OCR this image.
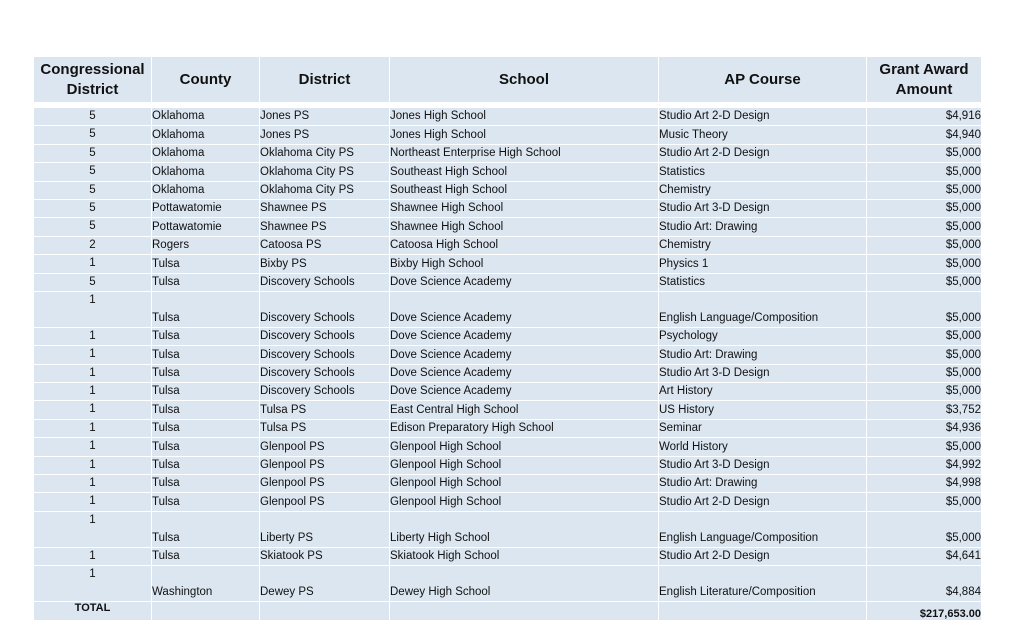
Congressional
District	County	District	School	AP Course	Grant Award
Amount

5	Oklahoma	Jones PS	Jones High School	Studio Art 2-D Design	$4,916
5	Oklahoma	Jones PS	Jones High School	Music Theory	$4,940
5	Oklahoma	Oklahoma City PS	Northeast Enterprise High School	Studio Art 2-D Design	$5,000
5	Oklahoma	Oklahoma City PS	Southeast High School	Statistics	$5,000
5	Oklahoma	Oklahoma City PS	Southeast High School	Chemistry	$5,000
5	Pottawatomie	Shawnee PS	Shawnee High School	Studio Art 3-D Design	$5,000
5	Pottawatomie	Shawnee PS	Shawnee High School	Studio Art: Drawing	$5,000
2	Rogers	Catoosa PS	Catoosa High School	Chemistry	$5,000
1	Tulsa	Bixby PS	Bixby High School	Physics 1	$5,000
5	Tulsa	Discovery Schools	Dove Science Academy	Statistics	$5,000
1	Tulsa	Discovery Schools	Dove Science Academy	English Language/Composition	$5,000
1	Tulsa	Discovery Schools	Dove Science Academy	Psychology	$5,000
1	Tulsa	Discovery Schools	Dove Science Academy	Studio Art: Drawing	$5,000
1	Tulsa	Discovery Schools	Dove Science Academy	Studio Art 3-D Design	$5,000
1	Tulsa	Discovery Schools	Dove Science Academy	Art History	$5,000
1	Tulsa	Tulsa PS	East Central High School	US History	$3,752
1	Tulsa	Tulsa PS	Edison Preparatory High School	Seminar	$4,936
1	Tulsa	Glenpool PS	Glenpool High School	World History	$5,000
1	Tulsa	Glenpool PS	Glenpool High School	Studio Art 3-D Design	$4,992
1	Tulsa	Glenpool PS	Glenpool High School	Studio Art: Drawing	$4,998
1	Tulsa	Glenpool PS	Glenpool High School	Studio Art 2-D Design	$5,000
1	Tulsa	Liberty PS	Liberty High School	English Language/Composition	$5,000
1	Tulsa	Skiatook PS	Skiatook High School	Studio Art 2-D Design	$4,641
1	Washington	Dewey PS	Dewey High School	English Literature/Composition	$4,884
TOTAL					$217,653.00
